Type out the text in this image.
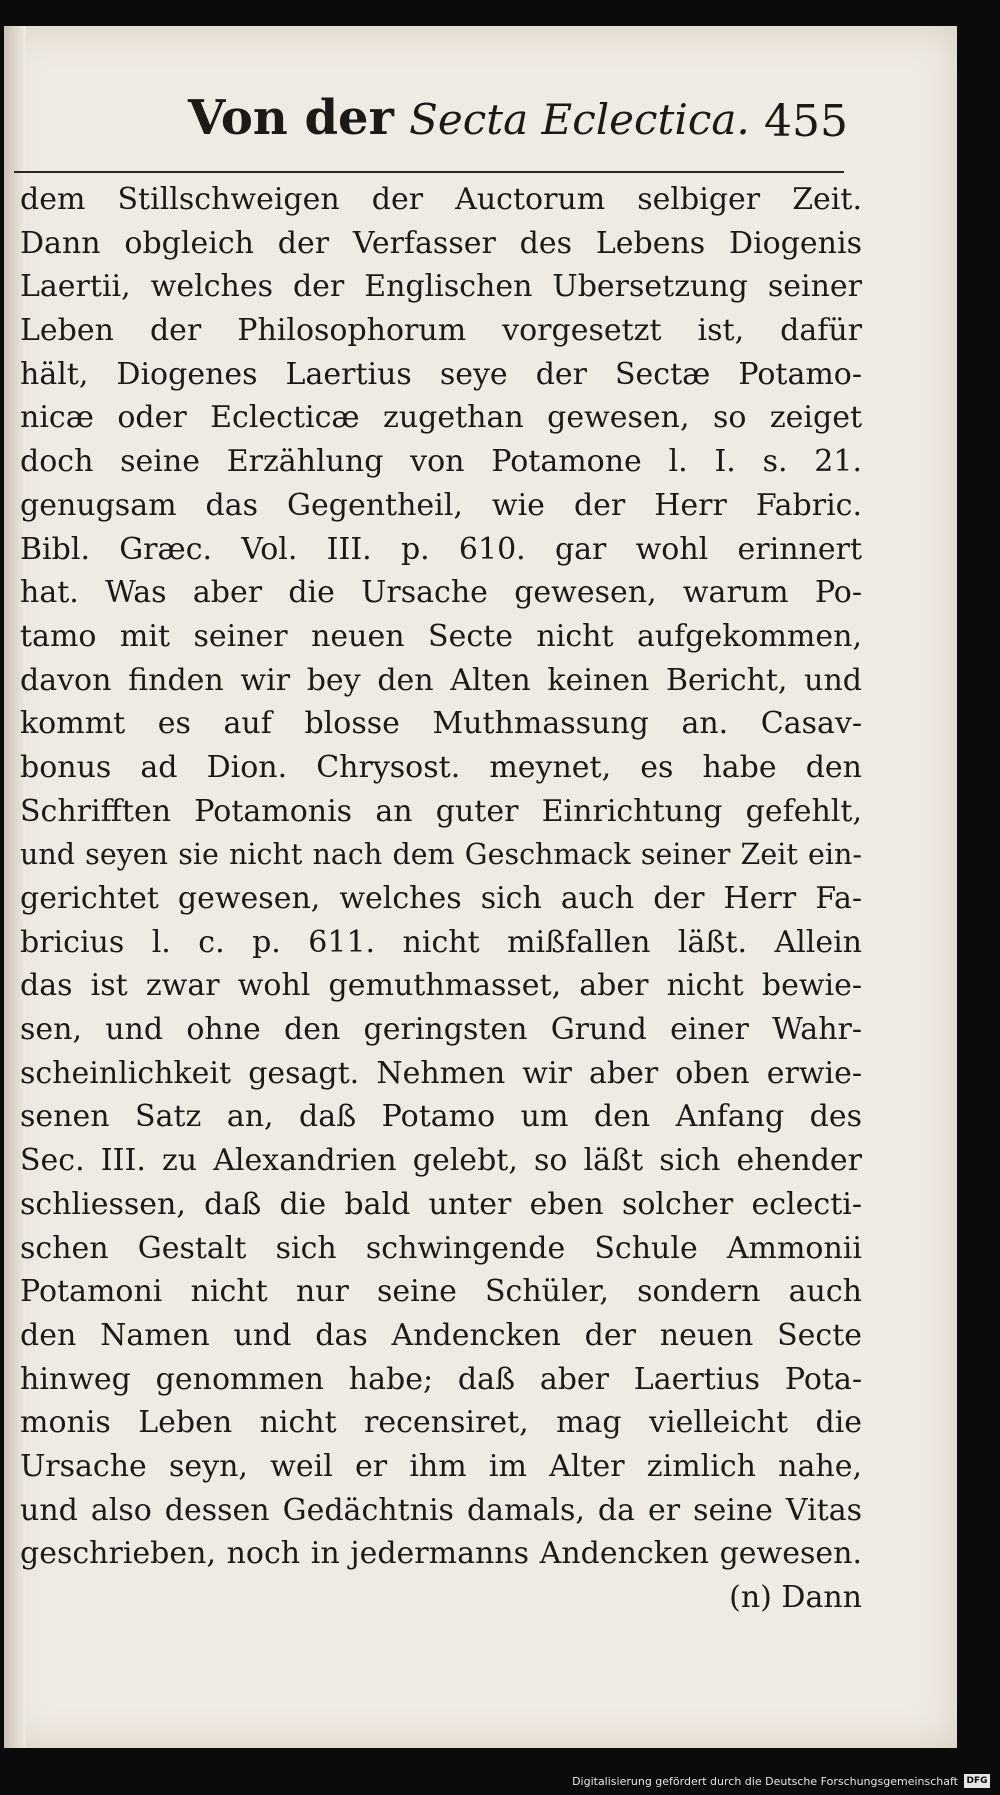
Von der Secta Eclectica. 455
dem Stillschweigen der Auctorum selbiger Zeit.
Dann obgleich der Verfasser des Lebens Diogenis
Laertii, welches der Englischen Ubersetzung seiner
Leben der Philosophorum vorgesetzt ist, dafür
hält, Diogenes Laertius seye der Sectæ Potamo-
nicæ oder Eclecticæ zugethan gewesen, so zeiget
doch seine Erzählung von Potamone l. I. s. 21.
genugsam das Gegentheil, wie der Herr Fabric.
Bibl. Græc. Vol. III. p. 610. gar wohl erinnert
hat. Was aber die Ursache gewesen, warum Po-
tamo mit seiner neuen Secte nicht aufgekommen,
davon finden wir bey den Alten keinen Bericht, und
kommt es auf blosse Muthmassung an. Casav-
bonus ad Dion. Chrysost. meynet, es habe den
Schrifften Potamonis an guter Einrichtung gefehlt,
und seyen sie nicht nach dem Geschmack seiner Zeit ein-
gerichtet gewesen, welches sich auch der Herr Fa-
bricius l. c. p. 611. nicht mißfallen läßt. Allein
das ist zwar wohl gemuthmasset, aber nicht bewie-
sen, und ohne den geringsten Grund einer Wahr-
scheinlichkeit gesagt. Nehmen wir aber oben erwie-
senen Satz an, daß Potamo um den Anfang des
Sec. III. zu Alexandrien gelebt, so läßt sich ehender
schliessen, daß die bald unter eben solcher eclecti-
schen Gestalt sich schwingende Schule Ammonii
Potamoni nicht nur seine Schüler, sondern auch
den Namen und das Andencken der neuen Secte
hinweg genommen habe; daß aber Laertius Pota-
monis Leben nicht recensiret, mag vielleicht die
Ursache seyn, weil er ihm im Alter zimlich nahe,
und also dessen Gedächtnis damals, da er seine Vitas
geschrieben, noch in jedermanns Andencken gewesen.
(n) Dann
Digitalisierung gefördert durch die Deutsche Forschungsgemeinschaft DFG
